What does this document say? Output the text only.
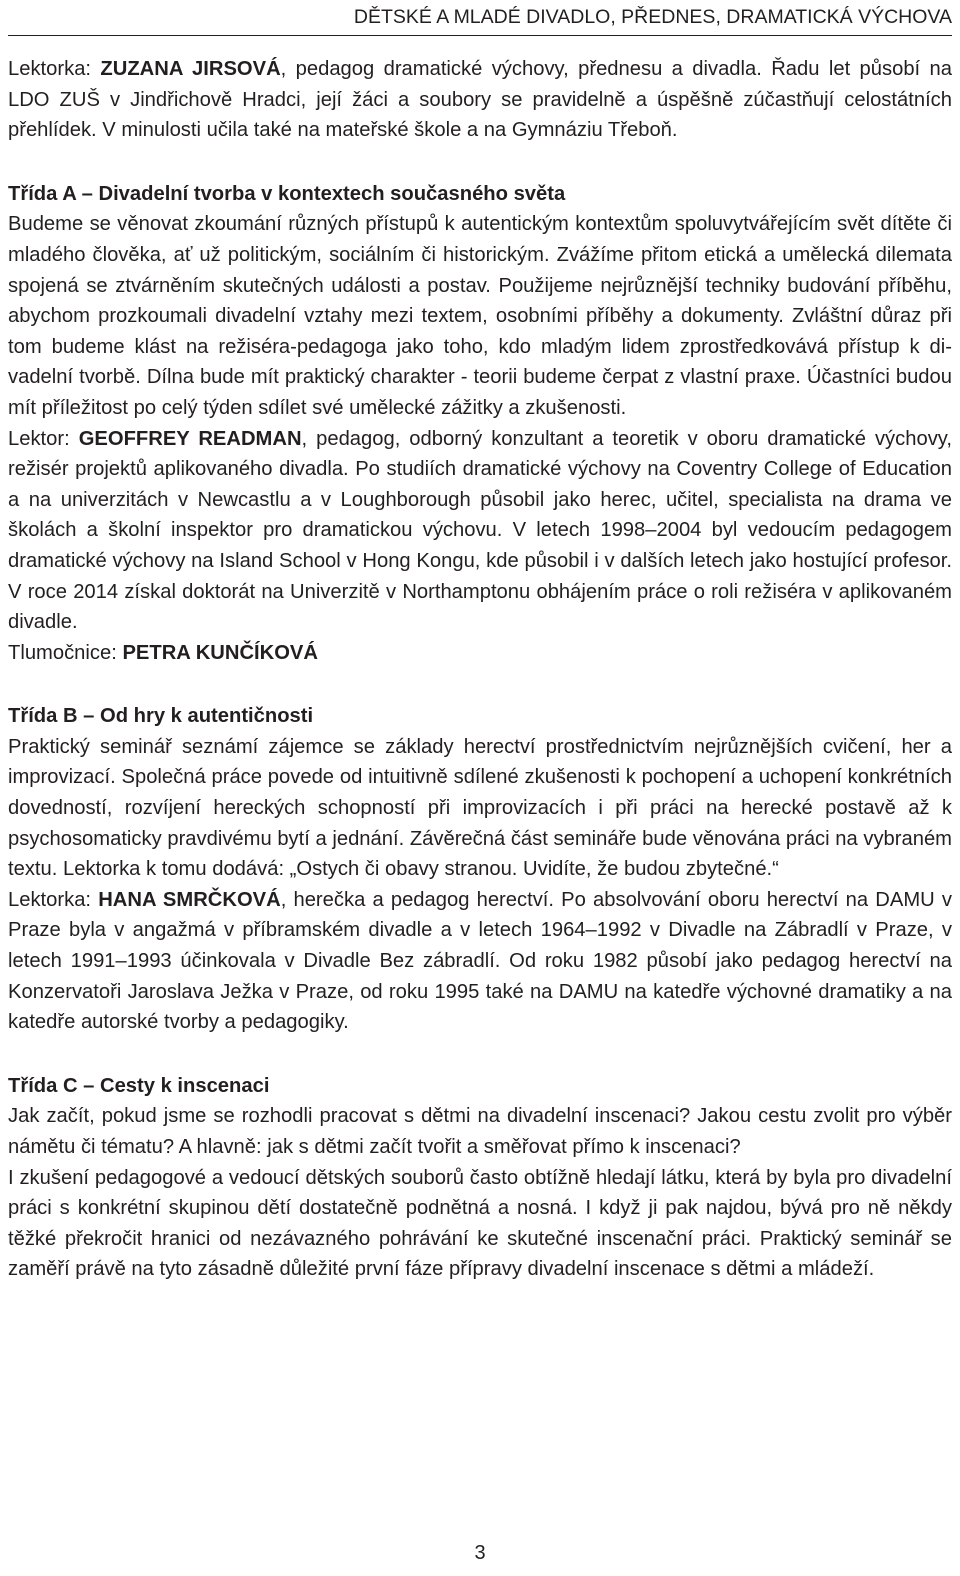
DĚTSKÉ A MLADÉ DIVADLO, PŘEDNES, DRAMATICKÁ VÝCHOVA

Lektorka: ZUZANA JIRSOVÁ, pedagog dramatické výchovy, přednesu a divadla. Řadu let působí na LDO ZUŠ v Jindřichově Hradci, její žáci a soubory se pravidelně a úspěšně zúčastňují celostátních přehlídek. V minulosti učila také na mateřské škole a na Gymnáziu Třeboň.

Třída A – Divadelní tvorba v kontextech současného světa

Budeme se věnovat zkoumání různých přístupů k autentickým kontextům spoluvytvářejícím svět dítěte či mladého člověka, ať už politickým, sociálním či historickým. Zvážíme přitom etická a umělecká dilemata spojená se ztvárněním skutečných události a postav. Použijeme nejrůznější techniky budování příběhu, abychom prozkoumali divadelní vztahy mezi textem, osobními příběhy a dokumenty. Zvláštní důraz při tom budeme klást na režiséra-pedagoga jako toho, kdo mladým lidem zprostředkovává přístup k divadelní tvorbě. Dílna bude mít praktický charakter - teorii budeme čerpat z vlastní praxe. Účastníci budou mít příležitost po celý týden sdílet své umělecké zážitky a zkušenosti.

Lektor: GEOFFREY READMAN, pedagog, odborný konzultant a teoretik v oboru dramatické výchovy, režisér projektů aplikovaného divadla. Po studiích dramatické výchovy na Coventry College of Education a na univerzitách v Newcastlu a v Loughborough působil jako herec, učitel, specialista na drama ve školách a školní inspektor pro dramatickou výchovu. V letech 1998–2004 byl vedoucím pedagogem dramatické výchovy na Island School v Hong Kongu, kde působil i v dalších letech jako hostující profesor. V roce 2014 získal doktorát na Univerzitě v Northamptonu obhájením práce o roli režiséra v aplikovaném divadle.

Tlumočnice: PETRA KUNČÍKOVÁ

Třída B – Od hry k autentičnosti

Praktický seminář seznámí zájemce se základy herectví prostřednictvím nejrůznějších cvičení, her a improvizací. Společná práce povede od intuitivně sdílené zkušenosti k pochopení a uchopení konkrétních dovedností, rozvíjení hereckých schopností při improvizacích i při práci na herecké postavě až k psychosomaticky pravdivému bytí a jednání. Závěrečná část semináře bude věnována práci na vybraném textu. Lektorka k tomu dodává: „Ostych či obavy stranou. Uvidíte, že budou zbytečné.“

Lektorka: HANA SMRČKOVÁ, herečka a pedagog herectví. Po absolvování oboru herectví na DAMU v Praze byla v angažmá v příbramském divadle a v letech 1964–1992 v Divadle na Zábradlí v Praze, v letech 1991–1993 účinkovala v Divadle Bez zábradlí. Od roku 1982 působí jako pedagog herectví na Konzervatoři Jaroslava Ježka v Praze, od roku 1995 také na DAMU na katedře výchovné dramatiky a na katedře autorské tvorby a pedagogiky.

Třída C – Cesty k inscenaci

Jak začít, pokud jsme se rozhodli pracovat s dětmi na divadelní inscenaci? Jakou cestu zvolit pro výběr námětu či tématu? A hlavně: jak s dětmi začít tvořit a směřovat přímo k inscenaci?

I zkušení pedagogové a vedoucí dětských souborů často obtížně hledají látku, která by byla pro divadelní práci s konkrétní skupinou dětí dostatečně podnětná a nosná. I když ji pak najdou, bývá pro ně někdy těžké překročit hranici od nezávazného pohrávání ke skutečné inscenační práci. Praktický seminář se zaměří právě na tyto zásadně důležité první fáze přípravy divadelní inscenace s dětmi a mládeží.

3
